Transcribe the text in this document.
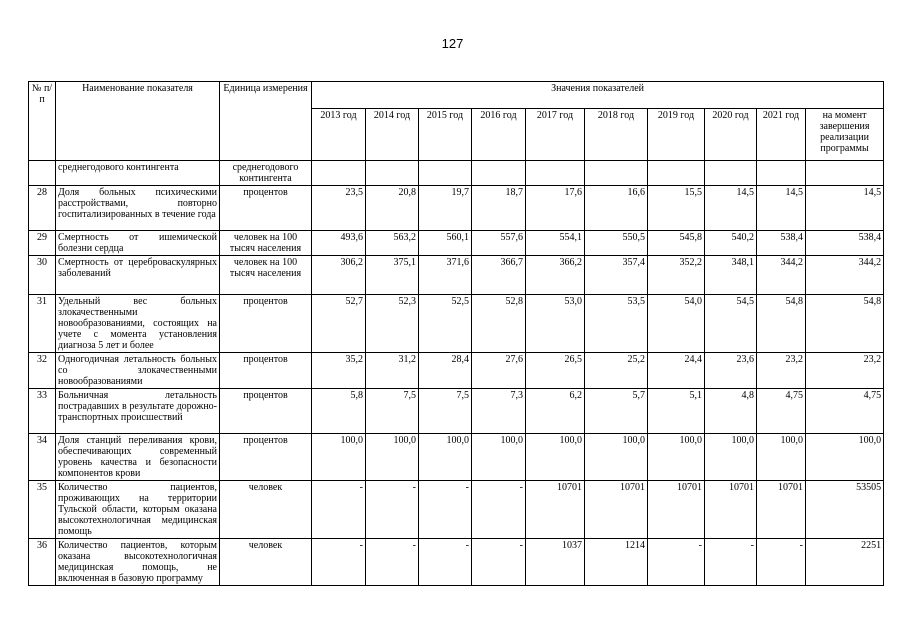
127
№ п/п	Наименование показателя	Единица измерения	Значения показателей									
			2013 год	2014 год	2015 год	2016 год	2017 год	2018 год	2019 год	2020 год	2021 год	на момент завершения реализации программы
	среднегодового контингента	среднегодового контингента										
28	Доля больных психическими расстройствами, повторно госпитализированных в течение года	процентов	23,5	20,8	19,7	18,7	17,6	16,6	15,5	14,5	14,5	14,5
29	Смертность от ишемической болезни сердца	человек на 100 тысяч населения	493,6	563,2	560,1	557,6	554,1	550,5	545,8	540,2	538,4	538,4
30	Смертность от цереброваскулярных заболеваний	человек на 100 тысяч населения	306,2	375,1	371,6	366,7	366,2	357,4	352,2	348,1	344,2	344,2
31	Удельный вес больных злокачественными новообразованиями, состоящих на учете с момента установления диагноза 5 лет и более	процентов	52,7	52,3	52,5	52,8	53,0	53,5	54,0	54,5	54,8	54,8
32	Одногодичная летальность больных со злокачественными новообразованиями	процентов	35,2	31,2	28,4	27,6	26,5	25,2	24,4	23,6	23,2	23,2
33	Больничная летальность пострадавших в результате дорожно-транспортных происшествий	процентов	5,8	7,5	7,5	7,3	6,2	5,7	5,1	4,8	4,75	4,75
34	Доля станций переливания крови, обеспечивающих современный уровень качества и безопасности компонентов крови	процентов	100,0	100,0	100,0	100,0	100,0	100,0	100,0	100,0	100,0	100,0
35	Количество пациентов, проживающих на территории Тульской области, которым оказана высокотехнологичная медицинская помощь	человек	-	-	-	-	10701	10701	10701	10701	10701	53505
36	Количество пациентов, которым оказана высокотехнологичная медицинская помощь, не включенная в базовую программу	человек	-	-	-	-	1037	1214	-	-	-	2251
